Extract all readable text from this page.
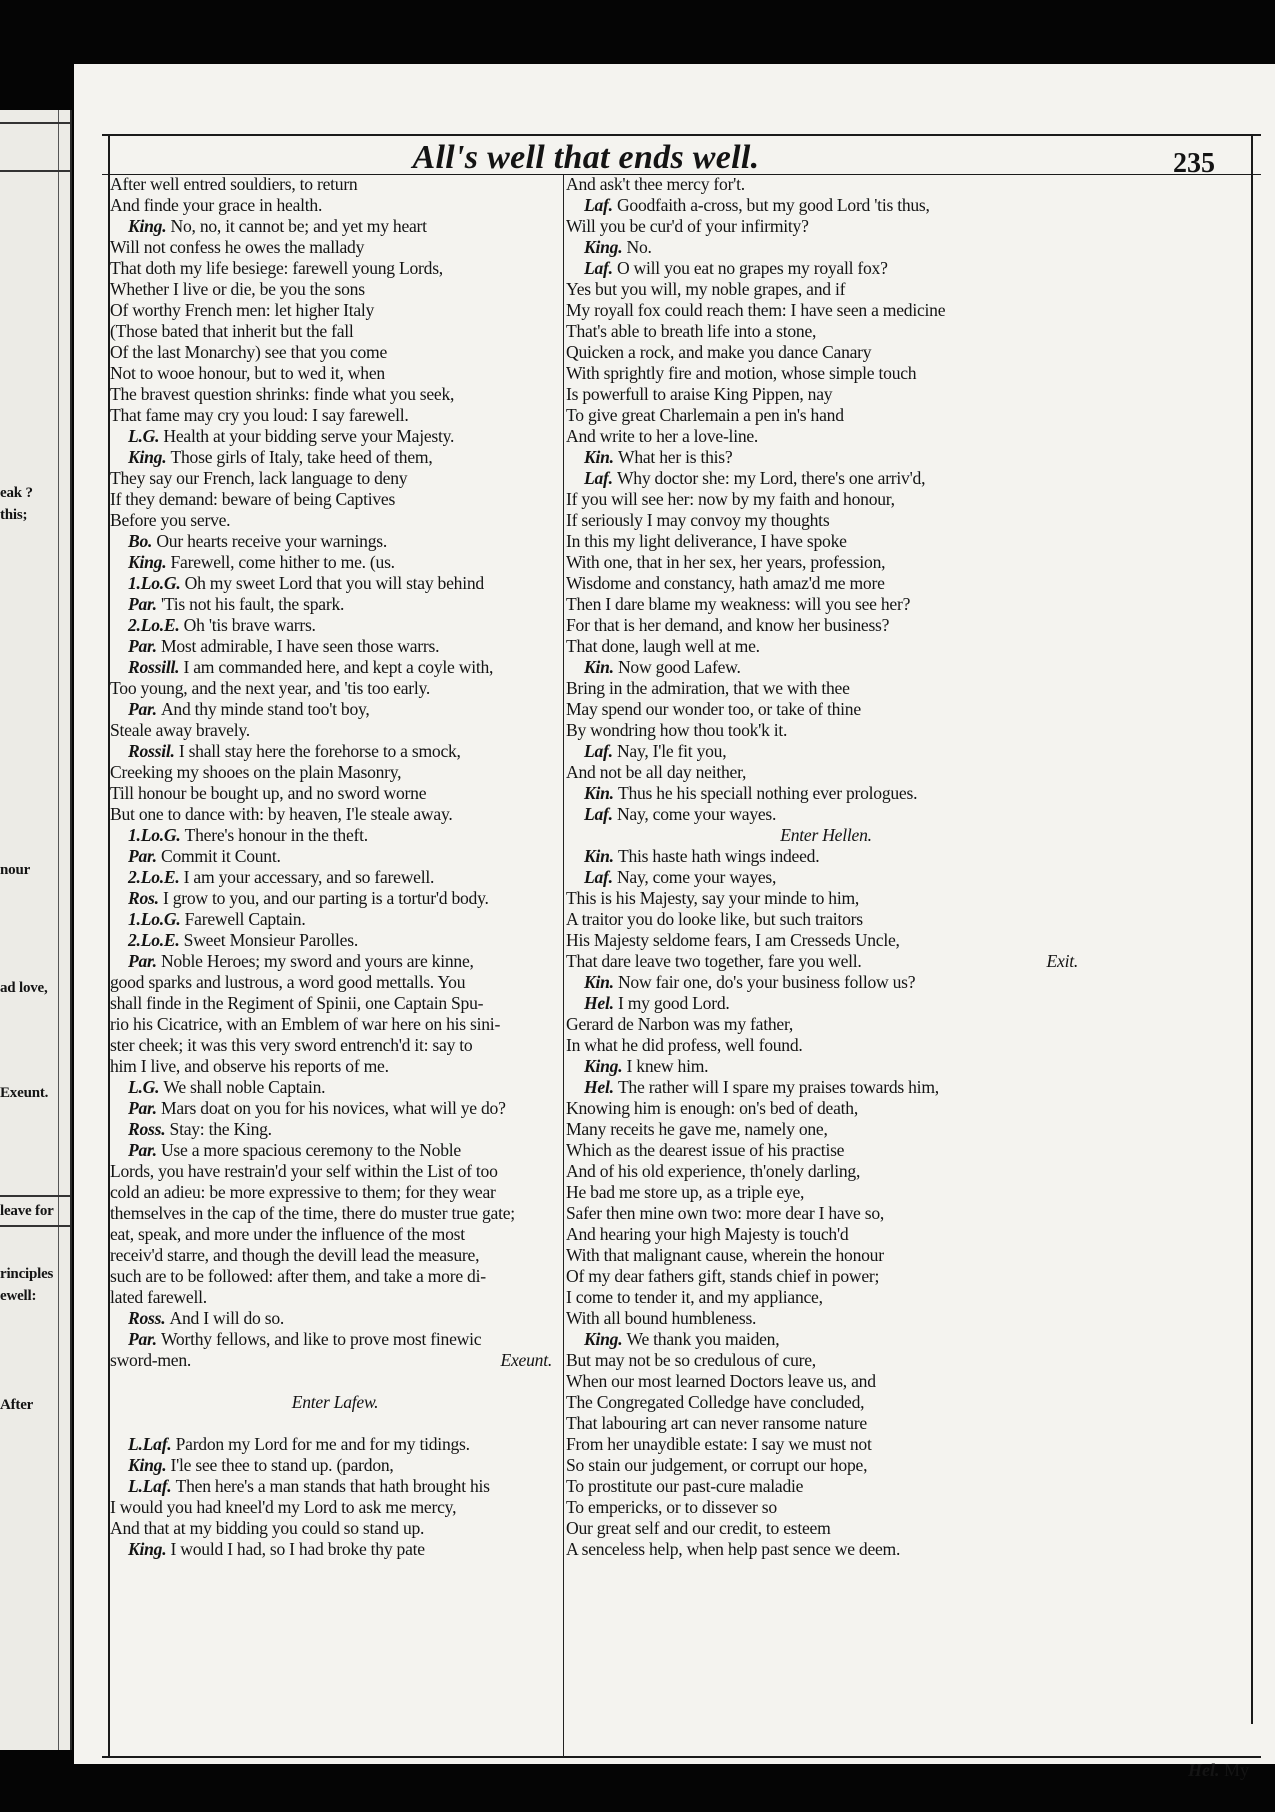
eak ?
this;
nour
ad love,
Exeunt.
leave for
rinciples
ewell:
After
All's well that ends well.	235
After well entred souldiers, to return
And finde your grace in health.
King. No, no, it cannot be; and yet my heart
Will not confess he owes the mallady
That doth my life besiege: farewell young Lords,
Whether I live or die, be you the sons
Of worthy French men: let higher Italy
(Those bated that inherit but the fall
Of the last Monarchy) see that you come
Not to wooe honour, but to wed it, when
The bravest question shrinks: finde what you seek,
That fame may cry you loud: I say farewell.
L.G. Health at your bidding serve your Majesty.
King. Those girls of Italy, take heed of them,
They say our French, lack language to deny
If they demand: beware of being Captives
Before you serve.
Bo. Our hearts receive your warnings.
King. Farewell, come hither to me. (us.
1.Lo.G. Oh my sweet Lord that you will stay behind
Par. 'Tis not his fault, the spark.
2.Lo.E. Oh 'tis brave warrs.
Par. Most admirable, I have seen those warrs.
Rossill. I am commanded here, and kept a coyle with,
Too young, and the next year, and 'tis too early.
Par. And thy minde stand too't boy,
Steale away bravely.
Rossil. I shall stay here the forehorse to a smock,
Creeking my shooes on the plain Masonry,
Till honour be bought up, and no sword worne
But one to dance with: by heaven, I'le steale away.
1.Lo.G. There's honour in the theft.
Par. Commit it Count.
2.Lo.E. I am your accessary, and so farewell.
Ros. I grow to you, and our parting is a tortur'd body.
1.Lo.G. Farewell Captain.
2.Lo.E. Sweet Monsieur Parolles.
Par. Noble Heroes; my sword and yours are kinne,
good sparks and lustrous, a word good mettalls. You
shall finde in the Regiment of Spinii, one Captain Spu-
rio his Cicatrice, with an Emblem of war here on his sini-
ster cheek; it was this very sword entrench'd it: say to
him I live, and observe his reports of me.
L.G. We shall noble Captain.
Par. Mars doat on you for his novices, what will ye do?
Ross. Stay: the King.
Par. Use a more spacious ceremony to the Noble
Lords, you have restrain'd your self within the List of too
cold an adieu: be more expressive to them; for they wear
themselves in the cap of the time, there do muster true gate;
eat, speak, and more under the influence of the most
receiv'd starre, and though the devill lead the measure,
such are to be followed: after them, and take a more di-
lated farewell.
Ross. And I will do so.
Par. Worthy fellows, and like to prove most finewic
sword-men.	Exeunt.
Enter Lafew.
L.Laf. Pardon my Lord for me and for my tidings.
King. I'le see thee to stand up. (pardon,
L.Laf. Then here's a man stands that hath brought his
I would you had kneel'd my Lord to ask me mercy,
And that at my bidding you could so stand up.
King. I would I had, so I had broke thy pate
And ask't thee mercy for't.
Laf. Goodfaith a-cross, but my good Lord 'tis thus,
Will you be cur'd of your infirmity?
King. No.
Laf. O will you eat no grapes my royall fox?
Yes but you will, my noble grapes, and if
My royall fox could reach them: I have seen a medicine
That's able to breath life into a stone,
Quicken a rock, and make you dance Canary
With sprightly fire and motion, whose simple touch
Is powerfull to araise King Pippen, nay
To give great Charlemain a pen in's hand
And write to her a love-line.
Kin. What her is this?
Laf. Why doctor she: my Lord, there's one arriv'd,
If you will see her: now by my faith and honour,
If seriously I may convoy my thoughts
In this my light deliverance, I have spoke
With one, that in her sex, her years, profession,
Wisdome and constancy, hath amaz'd me more
Then I dare blame my weakness: will you see her?
For that is her demand, and know her business?
That done, laugh well at me.
Kin. Now good Lafew.
Bring in the admiration, that we with thee
May spend our wonder too, or take of thine
By wondring how thou took'k it.
Laf. Nay, I'le fit you,
And not be all day neither,
Kin. Thus he his speciall nothing ever prologues.
Laf. Nay, come your wayes.
Enter Hellen.
Kin. This haste hath wings indeed.
Laf. Nay, come your wayes,
This is his Majesty, say your minde to him,
A traitor you do looke like, but such traitors
His Majesty seldome fears, I am Cresseds Uncle,
That dare leave two together, fare you well.	Exit.
Kin. Now fair one, do's your business follow us?
Hel. I my good Lord.
Gerard de Narbon was my father,
In what he did profess, well found.
King. I knew him.
Hel. The rather will I spare my praises towards him,
Knowing him is enough: on's bed of death,
Many receits he gave me, namely one,
Which as the dearest issue of his practise
And of his old experience, th'onely darling,
He bad me store up, as a triple eye,
Safer then mine own two: more dear I have so,
And hearing your high Majesty is touch'd
With that malignant cause, wherein the honour
Of my dear fathers gift, stands chief in power;
I come to tender it, and my appliance,
With all bound humbleness.
King. We thank you maiden,
But may not be so credulous of cure,
When our most learned Doctors leave us, and
The Congregated Colledge have concluded,
That labouring art can never ransome nature
From her unaydible estate: I say we must not
So stain our judgement, or corrupt our hope,
To prostitute our past-cure maladie
To empericks, or to dissever so
Our great self and our credit, to esteem
A senceless help, when help past sence we deem.
Hel. My
